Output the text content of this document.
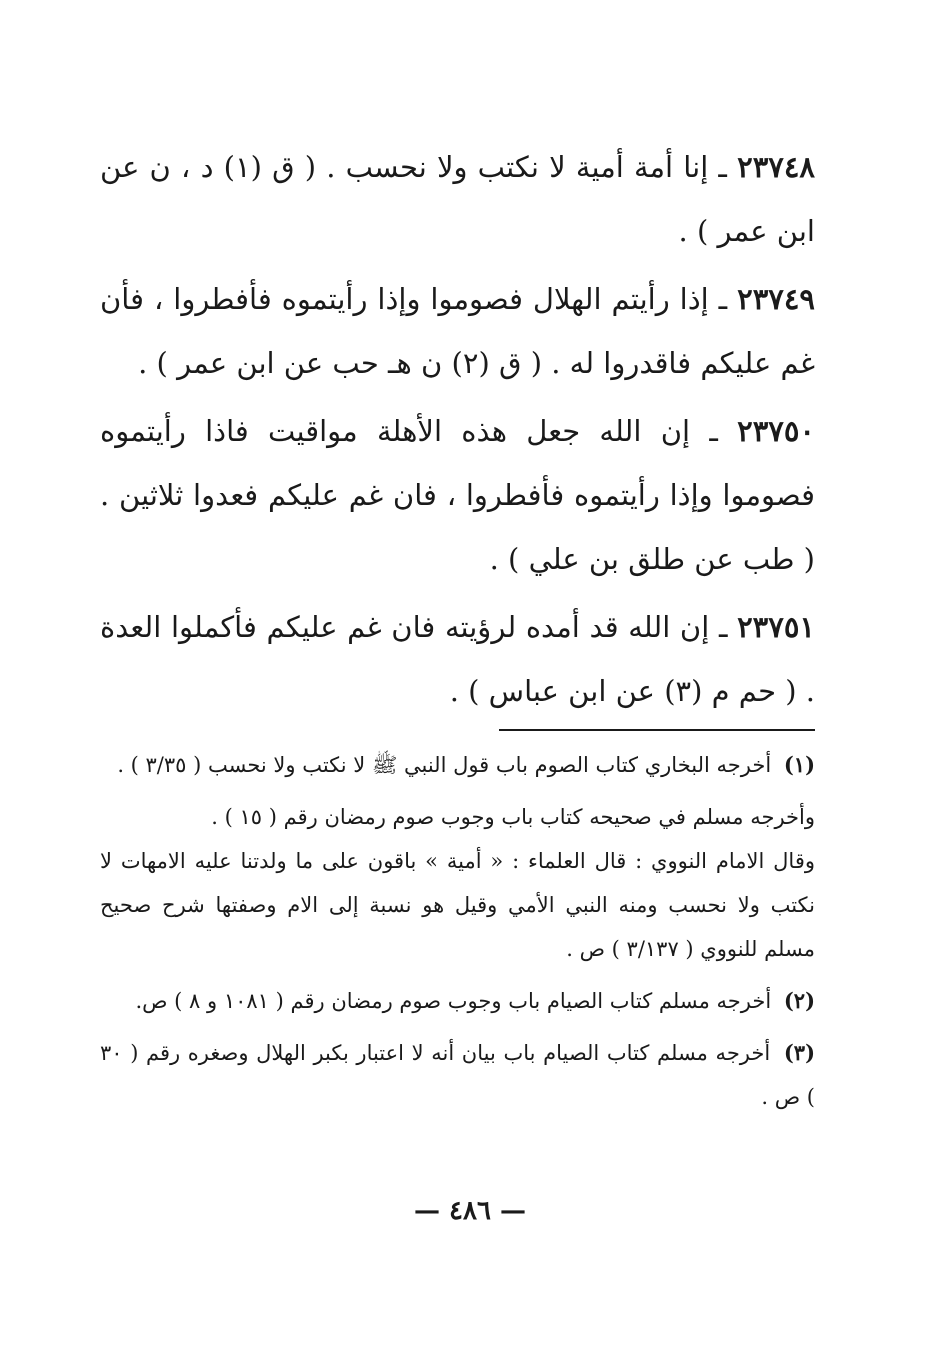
٢٣٧٤٨ ـ إنا أمة أمية لا نكتب ولا نحسب . ( ق (١) د ، ن عن ابن عمر ) .

٢٣٧٤٩ ـ إذا رأيتم الهلال فصوموا وإذا رأيتموه فأفطروا ، فأن غم عليكم فاقدروا له . ( ق (٢) ن هـ حب عن ابن عمر ) .

٢٣٧٥٠ ـ إن الله جعل هذه الأهلة مواقيت فاذا رأيتموه فصوموا وإذا رأيتموه فأفطروا ، فان غم عليكم فعدوا ثلاثين . ( طب عن طلق بن علي ) .

٢٣٧٥١ ـ إن الله قد أمده لرؤيته فان غم عليكم فأكملوا العدة . ( حم م (٣) عن ابن عباس ) .

(١) أخرجه البخاري كتاب الصوم باب قول النبي ﷺ لا نكتب ولا نحسب ( ٣/٣٥ ) .

وأخرجه مسلم في صحيحه كتاب باب وجوب صوم رمضان رقم ( ١٥ ) .

وقال الامام النووي : قال العلماء : « أمية » باقون على ما ولدتنا عليه الامهات لا نكتب ولا نحسب ومنه النبي الأمي وقيل هو نسبة إلى الام وصفتها شرح صحيح مسلم للنووي ( ٣/١٣٧ ) ص .

(٢) أخرجه مسلم كتاب الصيام باب وجوب صوم رمضان رقم ( ١٠٨١ و ٨ ) ص.

(٣) أخرجه مسلم كتاب الصيام باب بيان أنه لا اعتبار بكبر الهلال وصغره رقم ( ٣٠ ) ص .

— ٤٨٦ —
